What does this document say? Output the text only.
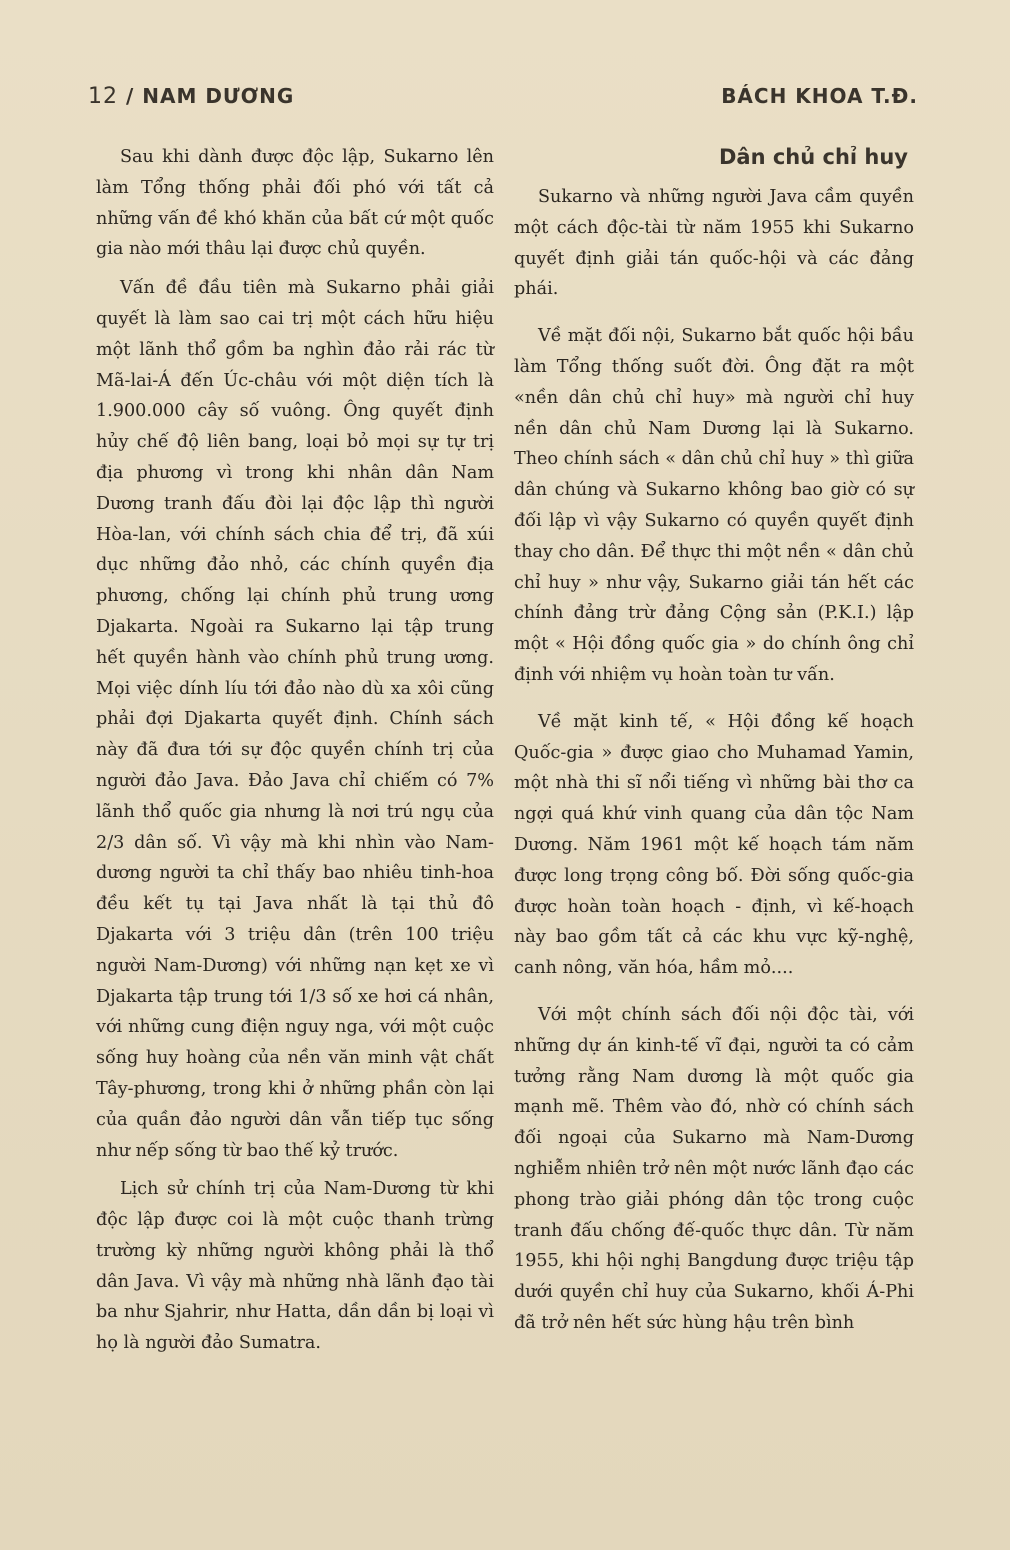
12 / NAM DƯƠNG	BÁCH KHOA T.Đ.

Sau khi dành được độc lập, Sukarno lên làm Tổng thống phải đối phó với tất cả những vấn đề khó khăn của bất cứ một quốc gia nào mới thâu lại được chủ quyền.

Vấn đề đầu tiên mà Sukarno phải giải quyết là làm sao cai trị một cách hữu hiệu một lãnh thổ gồm ba nghìn đảo rải rác từ Mã-lai-Á đến Úc-châu với một diện tích là 1.900.000 cây số vuông. Ông quyết định hủy chế độ liên bang, loại bỏ mọi sự tự trị địa phương vì trong khi nhân dân Nam Dương tranh đấu đòi lại độc lập thì người Hòa-lan, với chính sách chia để trị, đã xúi dục những đảo nhỏ, các chính quyền địa phương, chống lại chính phủ trung ương Djakarta. Ngoài ra Sukarno lại tập trung hết quyền hành vào chính phủ trung ương. Mọi việc dính líu tới đảo nào dù xa xôi cũng phải đợi Djakarta quyết định. Chính sách này đã đưa tới sự độc quyền chính trị của người đảo Java. Đảo Java chỉ chiếm có 7% lãnh thổ quốc gia nhưng là nơi trú ngụ của 2/3 dân số. Vì vậy mà khi nhìn vào Nam-dương người ta chỉ thấy bao nhiêu tinh-hoa đều kết tụ tại Java nhất là tại thủ đô Djakarta với 3 triệu dân (trên 100 triệu người Nam-Dương) với những nạn kẹt xe vì Djakarta tập trung tới 1/3 số xe hơi cá nhân, với những cung điện nguy nga, với một cuộc sống huy hoàng của nền văn minh vật chất Tây-phương, trong khi ở những phần còn lại của quần đảo người dân vẫn tiếp tục sống như nếp sống từ bao thế kỷ trước.

Lịch sử chính trị của Nam-Dương từ khi độc lập được coi là một cuộc thanh trừng trường kỳ những người không phải là thổ dân Java. Vì vậy mà những nhà lãnh đạo tài ba như Sjahrir, như Hatta, dần dần bị loại vì họ là người đảo Sumatra.

Dân chủ chỉ huy

Sukarno và những người Java cầm quyền một cách độc-tài từ năm 1955 khi Sukarno quyết định giải tán quốc-hội và các đảng phái.

Về mặt đối nội, Sukarno bắt quốc hội bầu làm Tổng thống suốt đời. Ông đặt ra một «nền dân chủ chỉ huy» mà người chỉ huy nền dân chủ Nam Dương lại là Sukarno. Theo chính sách « dân chủ chỉ huy » thì giữa dân chúng và Sukarno không bao giờ có sự đối lập vì vậy Sukarno có quyền quyết định thay cho dân. Để thực thi một nền « dân chủ chỉ huy » như vậy, Sukarno giải tán hết các chính đảng trừ đảng Cộng sản (P.K.I.) lập một « Hội đồng quốc gia » do chính ông chỉ định với nhiệm vụ hoàn toàn tư vấn.

Về mặt kinh tế, « Hội đồng kế hoạch Quốc-gia » được giao cho Muhamad Yamin, một nhà thi sĩ nổi tiếng vì những bài thơ ca ngợi quá khứ vinh quang của dân tộc Nam Dương. Năm 1961 một kế hoạch tám năm được long trọng công bố. Đời sống quốc-gia được hoàn toàn hoạch - định, vì kế-hoạch này bao gồm tất cả các khu vực kỹ-nghệ, canh nông, văn hóa, hầm mỏ....

Với một chính sách đối nội độc tài, với những dự án kinh-tế vĩ đại, người ta có cảm tưởng rằng Nam dương là một quốc gia mạnh mẽ. Thêm vào đó, nhờ có chính sách đối ngoại của Sukarno mà Nam-Dương nghiễm nhiên trở nên một nước lãnh đạo các phong trào giải phóng dân tộc trong cuộc tranh đấu chống đế-quốc thực dân. Từ năm 1955, khi hội nghị Bangdung được triệu tập dưới quyền chỉ huy của Sukarno, khối Á-Phi đã trở nên hết sức hùng hậu trên bình
